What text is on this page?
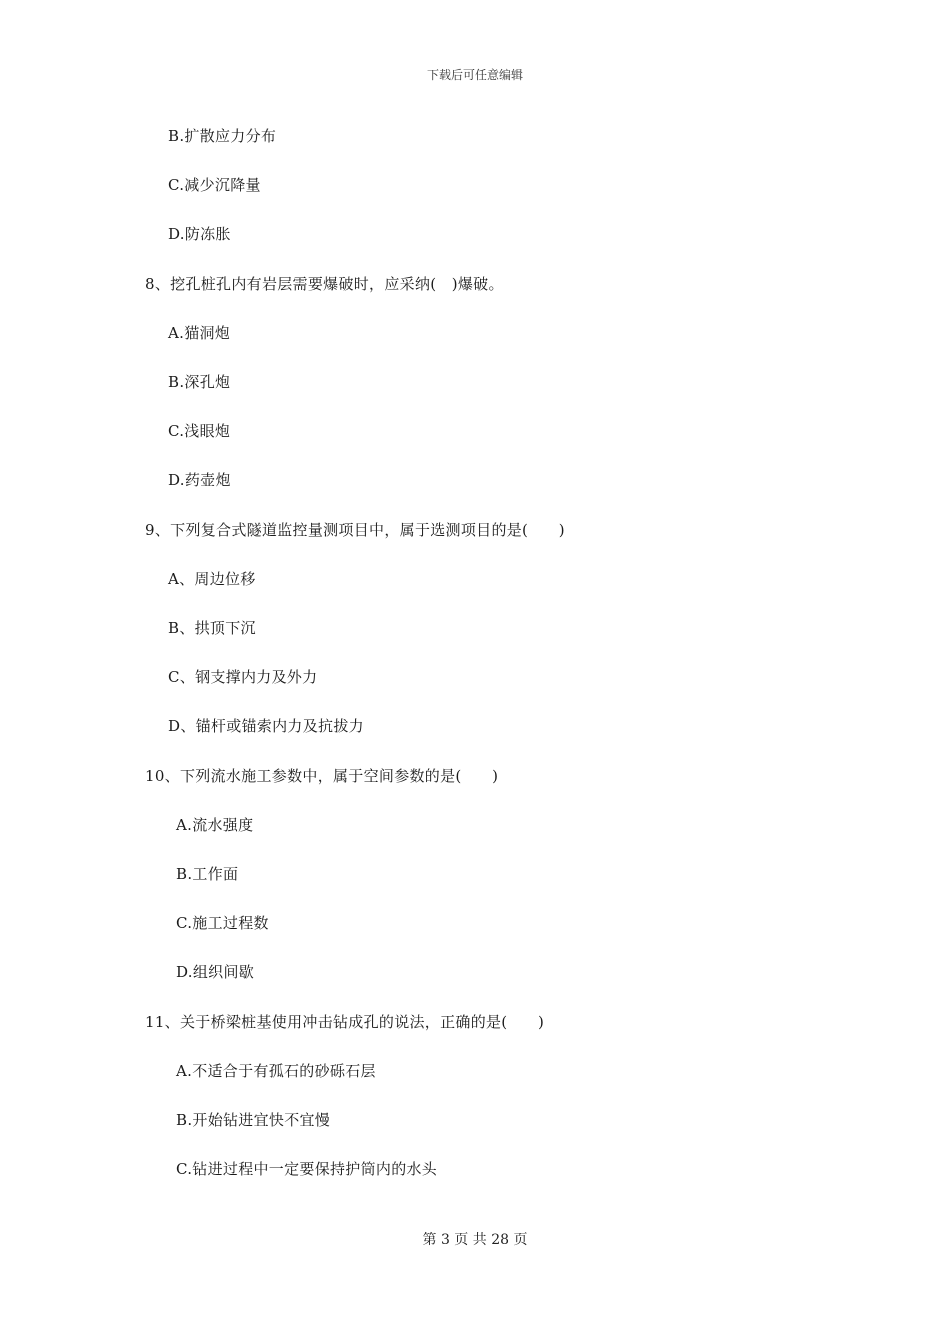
下载后可任意编辑
B.扩散应力分布
C.减少沉降量
D.防冻胀
8、挖孔桩孔内有岩层需要爆破时，应采纳(　)爆破。
A.猫洞炮
B.深孔炮
C.浅眼炮
D.药壶炮
9、下列复合式隧道监控量测项目中，属于选测项目的是(　　)
A、周边位移
B、拱顶下沉
C、钢支撑内力及外力
D、锚杆或锚索内力及抗拔力
10、下列流水施工参数中，属于空间参数的是(　　)
A.流水强度
B.工作面
C.施工过程数
D.组织间歇
11、关于桥梁桩基使用冲击钻成孔的说法，正确的是(　　)
A.不适合于有孤石的砂砾石层
B.开始钻进宜快不宜慢
C.钻进过程中一定要保持护筒内的水头
第 3 页 共 28 页
